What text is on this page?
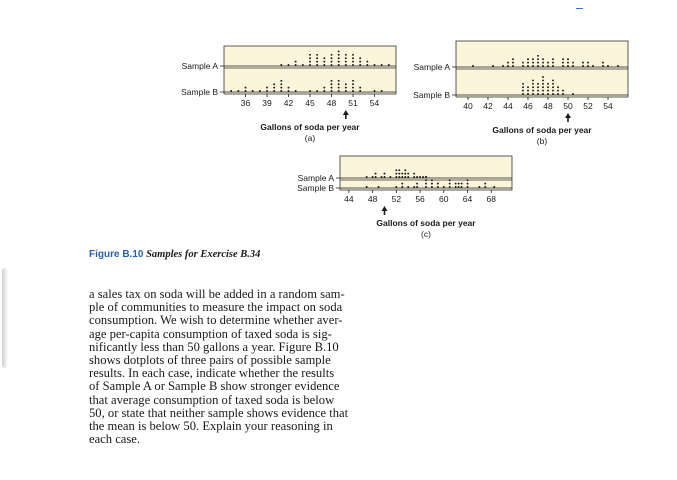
Sample A
Sample B
36 39 42 45 48 51 54
Gallons of soda per year
(a)
Sample A
Sample B
40 42 44 46 48 50 52 54
Gallons of soda per year
(b)
Sample A
Sample B
44 48 52 56 60 64 68
Gallons of soda per year
(c)
Figure B.10 Samples for Exercise B.34
a sales tax on soda will be added in a random sam-
ple of communities to measure the impact on soda
consumption. We wish to determine whether aver-
age per-capita consumption of taxed soda is sig-
nificantly less than 50 gallons a year. Figure B.10
shows dotplots of three pairs of possible sample
results. In each case, indicate whether the results
of Sample A or Sample B show stronger evidence
that average consumption of taxed soda is below
50, or state that neither sample shows evidence that
the mean is below 50. Explain your reasoning in
each case.
